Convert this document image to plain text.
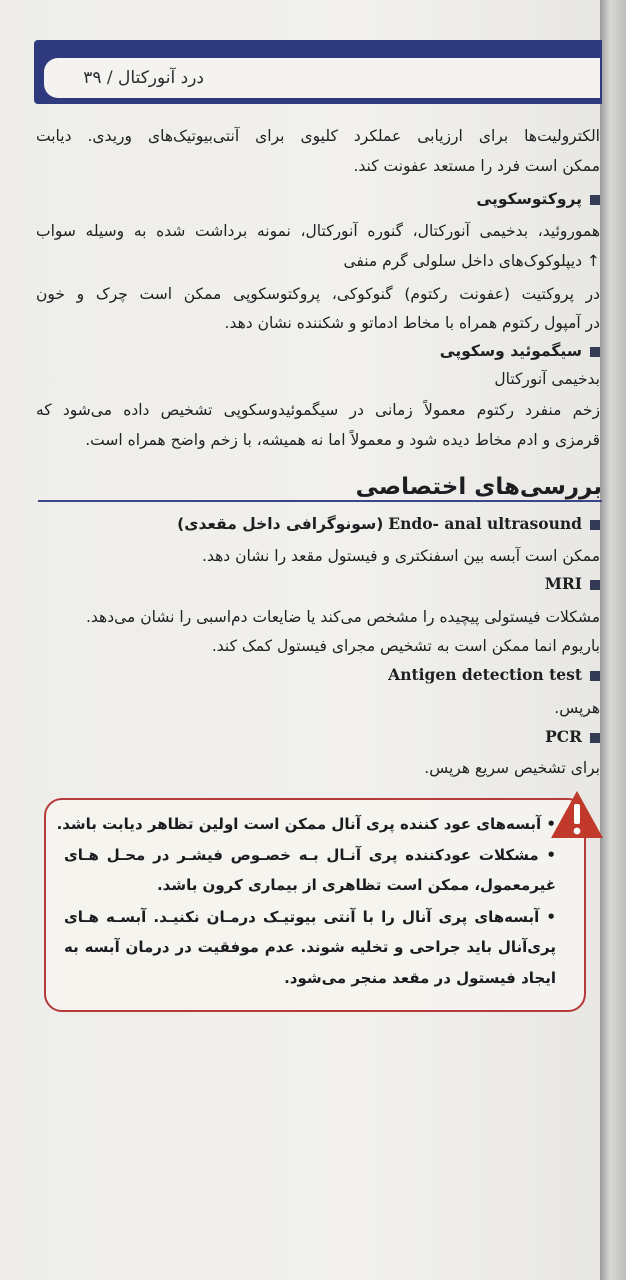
درد آنورکتال / ۳۹
الکترولیت‌ها برای ارزیابی عملکرد کلیوی برای آنتی‌بیوتیک‌های وریدی. دیابت
ممکن است فرد را مستعد عفونت کند.
پروکتوسکوپی
هموروئید، بدخیمی آنورکتال، گنوره آنورکتال، نمونه برداشت شده به وسیله سواب
↑ دیپلوکوک‌های داخل سلولی گرم منفی
در پروکتیت (عفونت رکتوم) گنوکوکی، پروکتوسکوپی ممکن است چرک و خون
در آمپول رکتوم همراه با مخاط ادماتو و شکننده نشان دهد.
سیگموئید وسکوپی
بدخیمی آنورکتال
زخم منفرد رکتوم معمولاً زمانی در سیگموئیدوسکوپی تشخیص داده می‌شود که
قرمزی و ادم مخاط دیده شود و معمولاً اما نه همیشه، با زخم واضح همراه است.
Endo- anal ultrasound (سونوگرافی داخل مقعدی)
ممکن است آبسه بین اسفنکتری و فیستول مقعد را نشان دهد.
MRI
مشکلات فیستولی پیچیده را مشخص می‌کند یا ضایعات دم‌اسبی را نشان می‌دهد.
باریوم انما ممکن است به تشخیص مجرای فیستول کمک کند.
Antigen detection test
هرپس.
PCR
برای تشخیص سریع هرپس.
بررسی‌های اختصاصی
• آبسه‌های عود کننده پری آنال ممکن است اولین تظاهر دیابت باشد.
• مشکلات عودکننده پری آنـال بـه خصـوص فیشـر در محـل هـای
غیرمعمول، ممکن است تظاهری از بیماری کرون باشد.
• آبسه‌های پری آنال را با آنتی بیوتیـک درمـان نکنیـد. آبسـه هـای
پری‌آنال باید جراحی و تخلیه شوند. عدم موفقیت در درمان آبسه به
ایجاد فیستول در مقعد منجر می‌شود.
